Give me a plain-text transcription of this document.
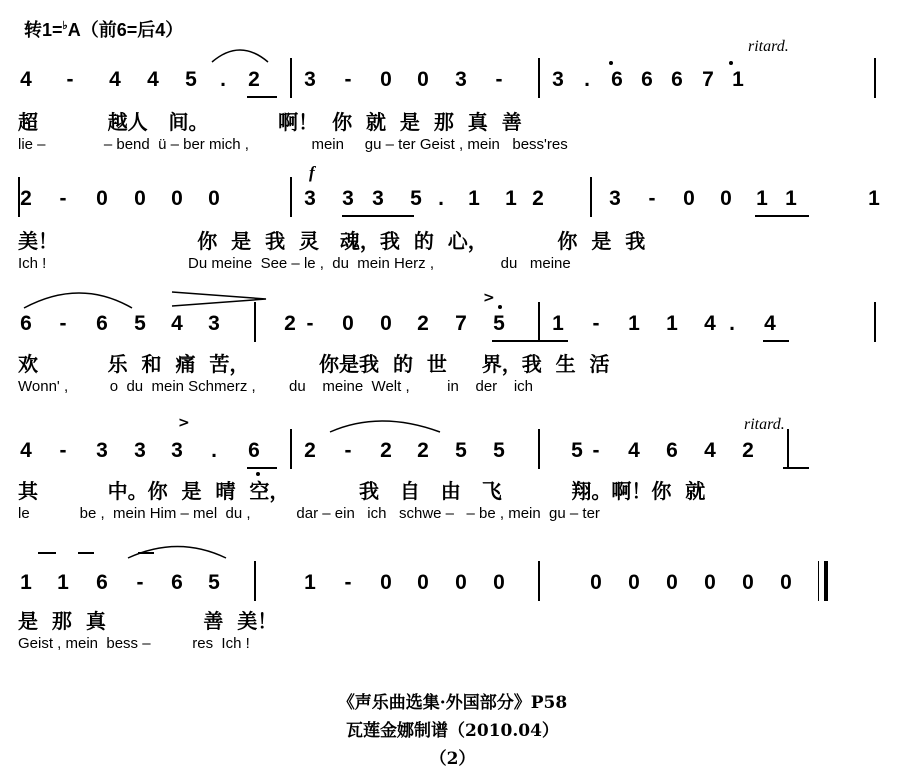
转1=♭A（前6=后4）
ritard.
ritard.
f
>
>
4	-	4 4 5 . 2 3	-	0 0 3	-	3 . 6 6 6 7 1
超          越人   间。          啊！  你  就  是  那  真  善
lie –              – bend  ü – ber mich ,               mein     gu – ter Geist , mein   bess'res
2	-	0 0 0 0	3 3 3 5 . 1 1 2	3	-	0 0 1 1	1
美！                    你  是  我  灵   魂，我  的  心，          你  是  我
Ich !                                  Du meine  See – le ,  du  mein Herz ,                du   meine
6	-	6 5 4 3	2 -	0 0 2 7 5 1	-	1 1 4 . 4
欢          乐  和  痛  苦，          你是我  的  世     界，我  生  活
Wonn' ,          o  du  mein Schmerz ,        du    meine  Welt ,         in    der    ich
4	-	3 3 3 . 6 2	-	2 2 5 5	5 -	4 6 4 2
其          中。你  是  晴  空，          我   自   由   飞          翔。啊！你  就
le            be ,  mein Him – mel  du ,           dar – ein   ich   schwe –   – be , mein  gu – ter
1 1 6	-	6 5	1	-	0 0 0 0	0 0 0 0 0 0
是  那  真              善  美！
Geist , mein  bess –          res  Ich !
《声乐曲选集·外国部分》P58
瓦莲金娜制谱（2010.04）
（2）
